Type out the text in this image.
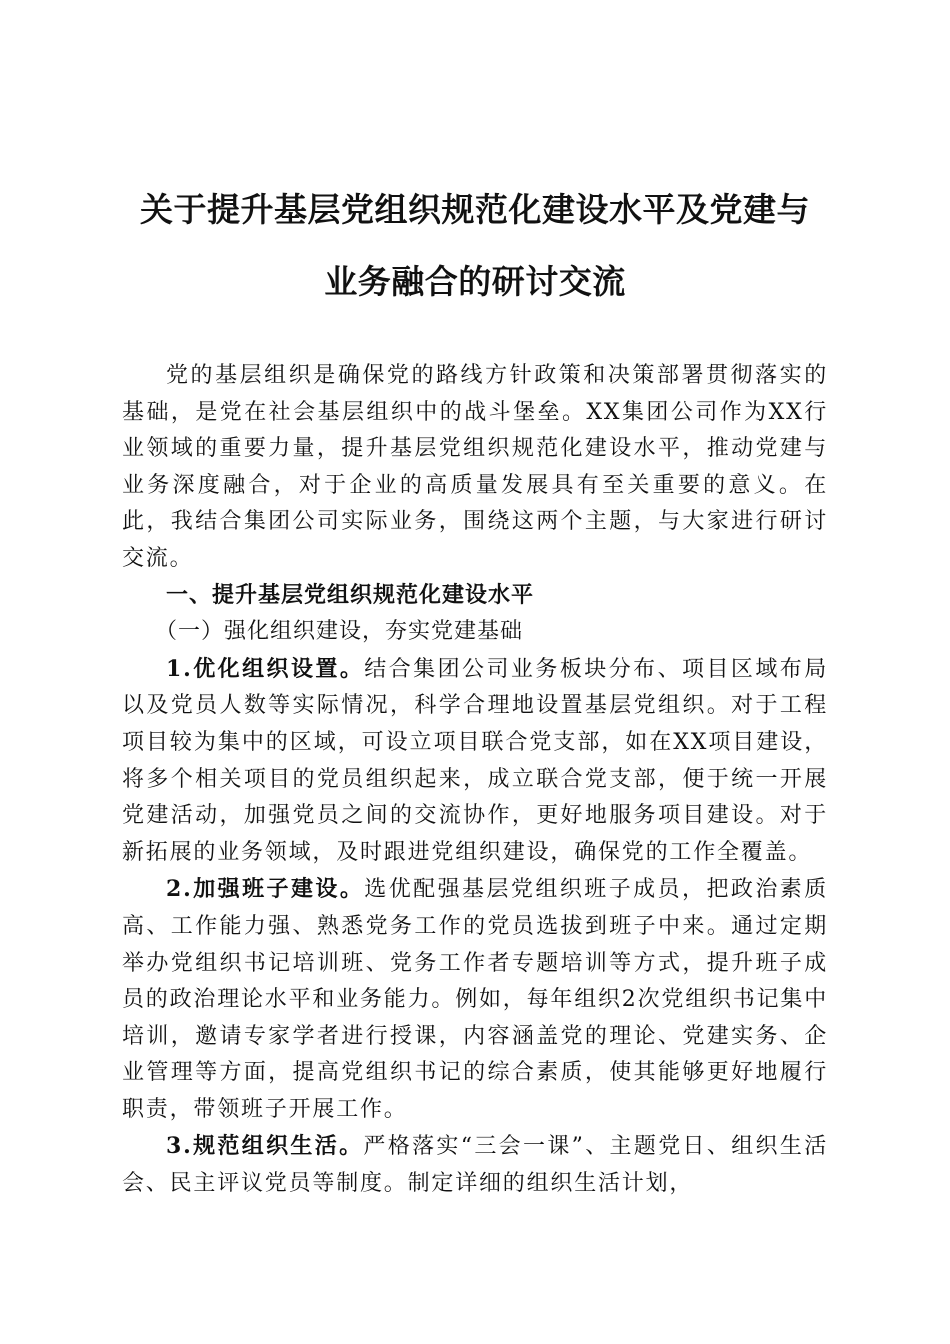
关于提升基层党组织规范化建设水平及党建与
业务融合的研讨交流

党的基层组织是确保党的路线方针政策和决策部署贯彻落实的基础，是党在社会基层组织中的战斗堡垒。XX集团公司作为XX行业领域的重要力量，提升基层党组织规范化建设水平，推动党建与业务深度融合，对于企业的高质量发展具有至关重要的意义。在此，我结合集团公司实际业务，围绕这两个主题，与大家进行研讨交流。

一、提升基层党组织规范化建设水平

（一）强化组织建设，夯实党建基础

1.优化组织设置。结合集团公司业务板块分布、项目区域布局以及党员人数等实际情况，科学合理地设置基层党组织。对于工程项目较为集中的区域，可设立项目联合党支部，如在XX项目建设，将多个相关项目的党员组织起来，成立联合党支部，便于统一开展党建活动，加强党员之间的交流协作，更好地服务项目建设。对于新拓展的业务领域，及时跟进党组织建设，确保党的工作全覆盖。

2.加强班子建设。选优配强基层党组织班子成员，把政治素质高、工作能力强、熟悉党务工作的党员选拔到班子中来。通过定期举办党组织书记培训班、党务工作者专题培训等方式，提升班子成员的政治理论水平和业务能力。例如，每年组织2次党组织书记集中培训，邀请专家学者进行授课，内容涵盖党的理论、党建实务、企业管理等方面，提高党组织书记的综合素质，使其能够更好地履行职责，带领班子开展工作。

3.规范组织生活。严格落实“三会一课”、主题党日、组织生活会、民主评议党员等制度。制定详细的组织生活计划，
